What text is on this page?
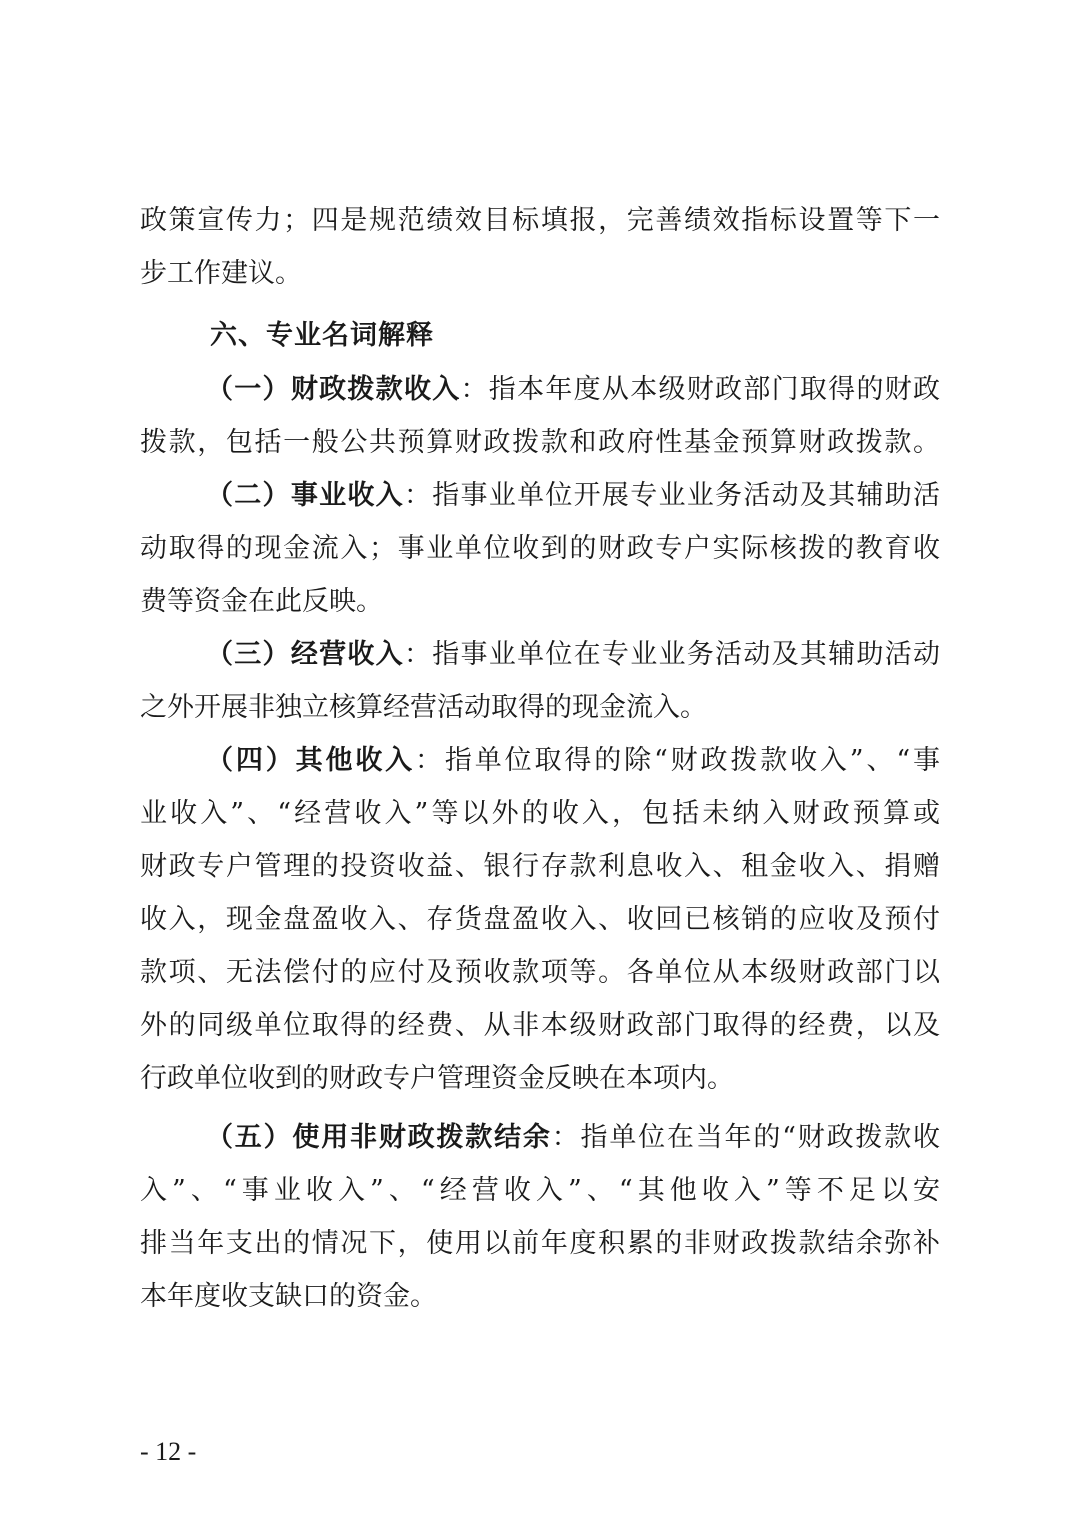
政策宣传力；四是规范绩效目标填报，完善绩效指标设置等下一
步工作建议。
六、专业名词解释
（一）财政拨款收入：指本年度从本级财政部门取得的财政
拨款，包括一般公共预算财政拨款和政府性基金预算财政拨款。
（二）事业收入：指事业单位开展专业业务活动及其辅助活
动取得的现金流入；事业单位收到的财政专户实际核拨的教育收
费等资金在此反映。
（三）经营收入：指事业单位在专业业务活动及其辅助活动
之外开展非独立核算经营活动取得的现金流入。
（四）其他收入：指单位取得的除“财政拨款收入”、“事
业收入”、“经营收入”等以外的收入，包括未纳入财政预算或
财政专户管理的投资收益、银行存款利息收入、租金收入、捐赠
收入，现金盘盈收入、存货盘盈收入、收回已核销的应收及预付
款项、无法偿付的应付及预收款项等。各单位从本级财政部门以
外的同级单位取得的经费、从非本级财政部门取得的经费，以及
行政单位收到的财政专户管理资金反映在本项内。
（五）使用非财政拨款结余：指单位在当年的“财政拨款收
入”、“事业收入”、“经营收入”、“其他收入”等不足以安
排当年支出的情况下，使用以前年度积累的非财政拨款结余弥补
本年度收支缺口的资金。
- 12 -
